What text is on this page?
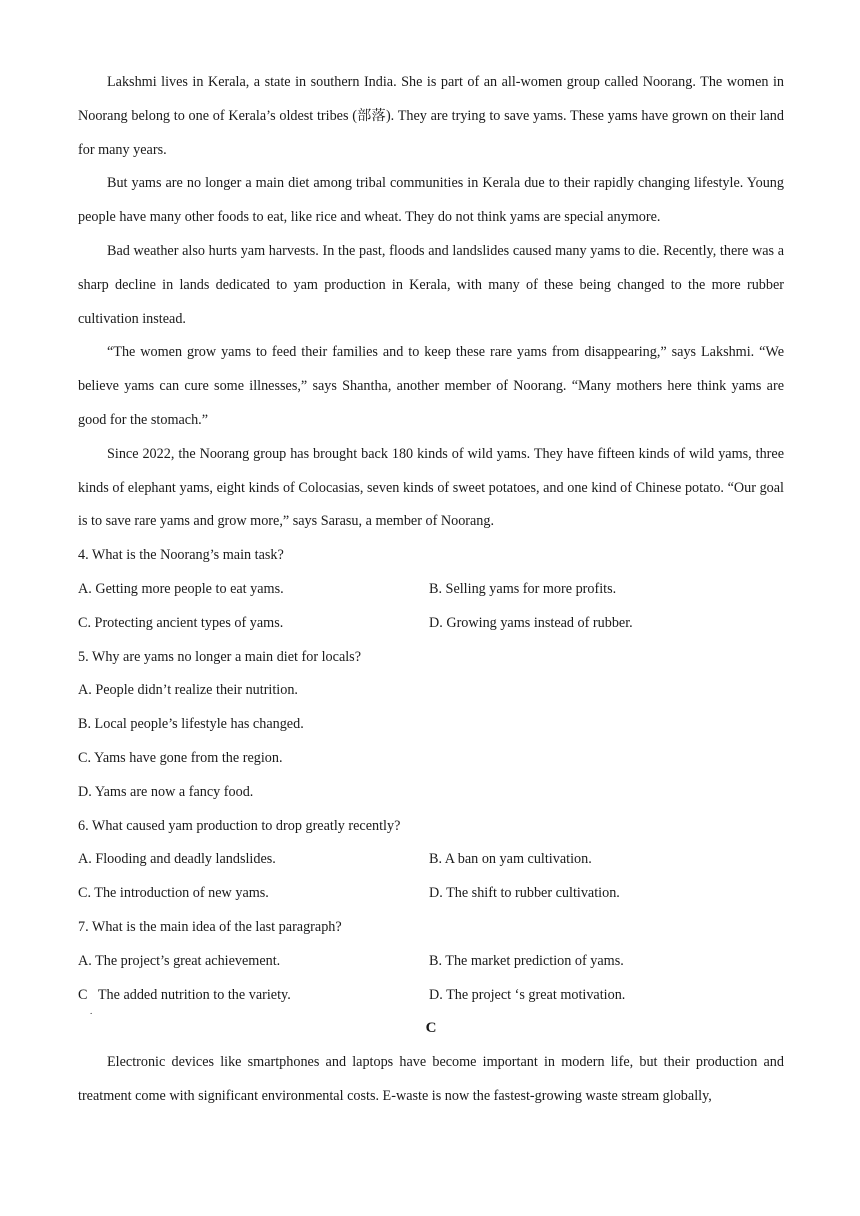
Lakshmi lives in Kerala, a state in southern India. She is part of an all-women group called Noorang. The women in Noorang belong to one of Kerala’s oldest tribes (部落). They are trying to save yams. These yams have grown on their land for many years.

But yams are no longer a main diet among tribal communities in Kerala due to their rapidly changing lifestyle. Young people have many other foods to eat, like rice and wheat. They do not think yams are special anymore.

Bad weather also hurts yam harvests. In the past, floods and landslides caused many yams to die. Recently, there was a sharp decline in lands dedicated to yam production in Kerala, with many of these being changed to the more rubber cultivation instead.

“The women grow yams to feed their families and to keep these rare yams from disappearing,” says Lakshmi. “We believe yams can cure some illnesses,” says Shantha, another member of Noorang. “Many mothers here think yams are good for the stomach.”

Since 2022, the Noorang group has brought back 180 kinds of wild yams. They have fifteen kinds of wild yams, three kinds of elephant yams, eight kinds of Colocasias, seven kinds of sweet potatoes, and one kind of Chinese potato. “Our goal is to save rare yams and grow more,” says Sarasu, a member of Noorang.

4. What is the Noorang’s main task?

A. Getting more people to eat yams.	B. Selling yams for more profits.
C. Protecting ancient types of yams.	D. Growing yams instead of rubber.

5. Why are yams no longer a main diet for locals?

A. People didn’t realize their nutrition.

B. Local people’s lifestyle has changed.

C. Yams have gone from the region.

D. Yams are now a fancy food.

6. What caused yam production to drop greatly recently?

A. Flooding and deadly landslides.	B. A ban on yam cultivation.
C. The introduction of new yams.	D. The shift to rubber cultivation.

7. What is the main idea of the last paragraph?

A. The project’s great achievement.	B. The market prediction of yams.
C   The added nutrition to the variety.	D. The project ‘s great motivation.

C

Electronic devices like smartphones and laptops have become important in modern life, but their production and treatment come with significant environmental costs. E-waste is now the fastest-growing waste stream globally,

.
